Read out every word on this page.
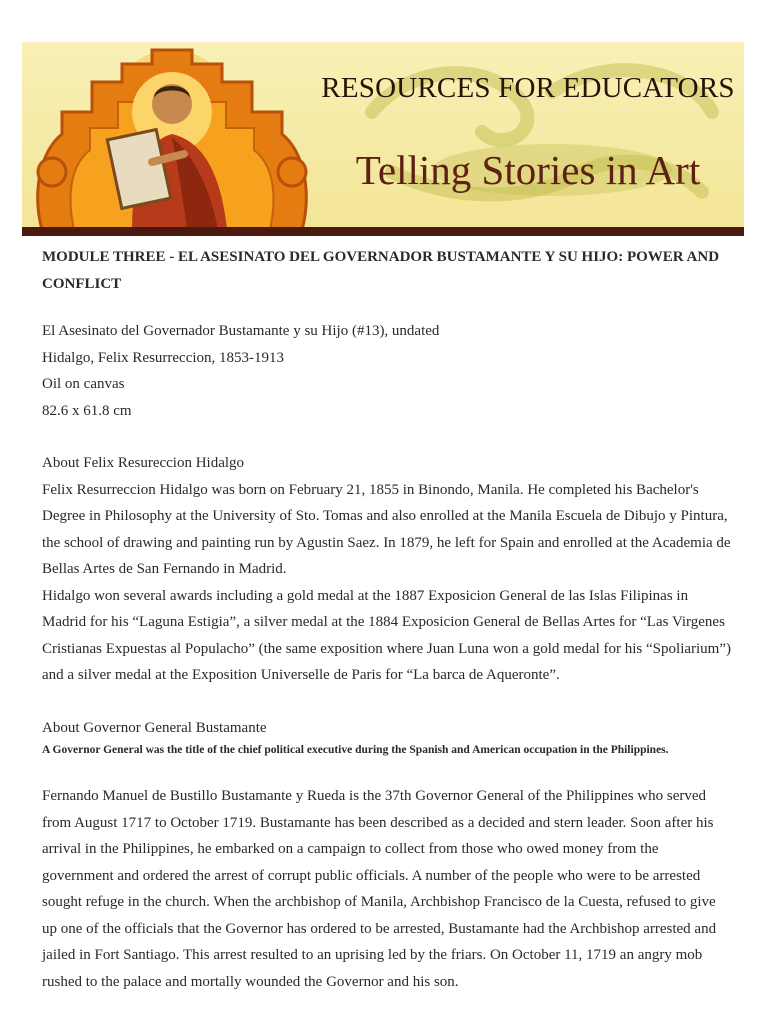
RESOURCES FOR EDUCATORS
Telling Stories in Art
MODULE THREE - EL ASESINATO DEL GOVERNADOR BUSTAMANTE Y SU HIJO: POWER AND CONFLICT
El Asesinato del Governador Bustamante y su Hijo (#13), undated
Hidalgo, Felix Resurreccion, 1853-1913
Oil on canvas
82.6 x 61.8 cm
About Felix Resureccion Hidalgo
Felix Resurreccion Hidalgo was born on February 21, 1855 in Binondo, Manila. He completed his Bachelor's Degree in Philosophy at the University of Sto. Tomas and also enrolled at the Manila Escuela de Dibujo y Pintura, the school of drawing and painting run by Agustin Saez. In 1879, he left for Spain and enrolled at the Academia de Bellas Artes de San Fernando in Madrid.
Hidalgo won several awards including a gold medal at the 1887 Exposicion General de las Islas Filipinas in Madrid for his “Laguna Estigia”, a silver medal at the 1884 Exposicion General de Bellas Artes for “Las Virgenes Cristianas Expuestas al Populacho” (the same exposition where Juan Luna won a gold medal for his “Spoliarium”) and a silver medal at the Exposition Universelle de Paris for “La barca de Aqueronte”.
About Governor General Bustamante
A Governor General was the title of the chief political executive during the Spanish and American occupation in the Philippines.
Fernando Manuel de Bustillo Bustamante y Rueda is the 37th Governor General of the Philippines who served from August 1717 to October 1719. Bustamante has been described as a decided and stern leader. Soon after his arrival in the Philippines, he embarked on a campaign to collect from those who owed money from the government and ordered the arrest of corrupt public officials. A number of the people who were to be arrested sought refuge in the church. When the archbishop of Manila, Archbishop Francisco de la Cuesta, refused to give up one of the officials that the Governor has ordered to be arrested, Bustamante had the Archbishop arrested and jailed in Fort Santiago. This arrest resulted to an uprising led by the friars. On October 11, 1719 an angry mob rushed to the palace and mortally wounded the Governor and his son.
